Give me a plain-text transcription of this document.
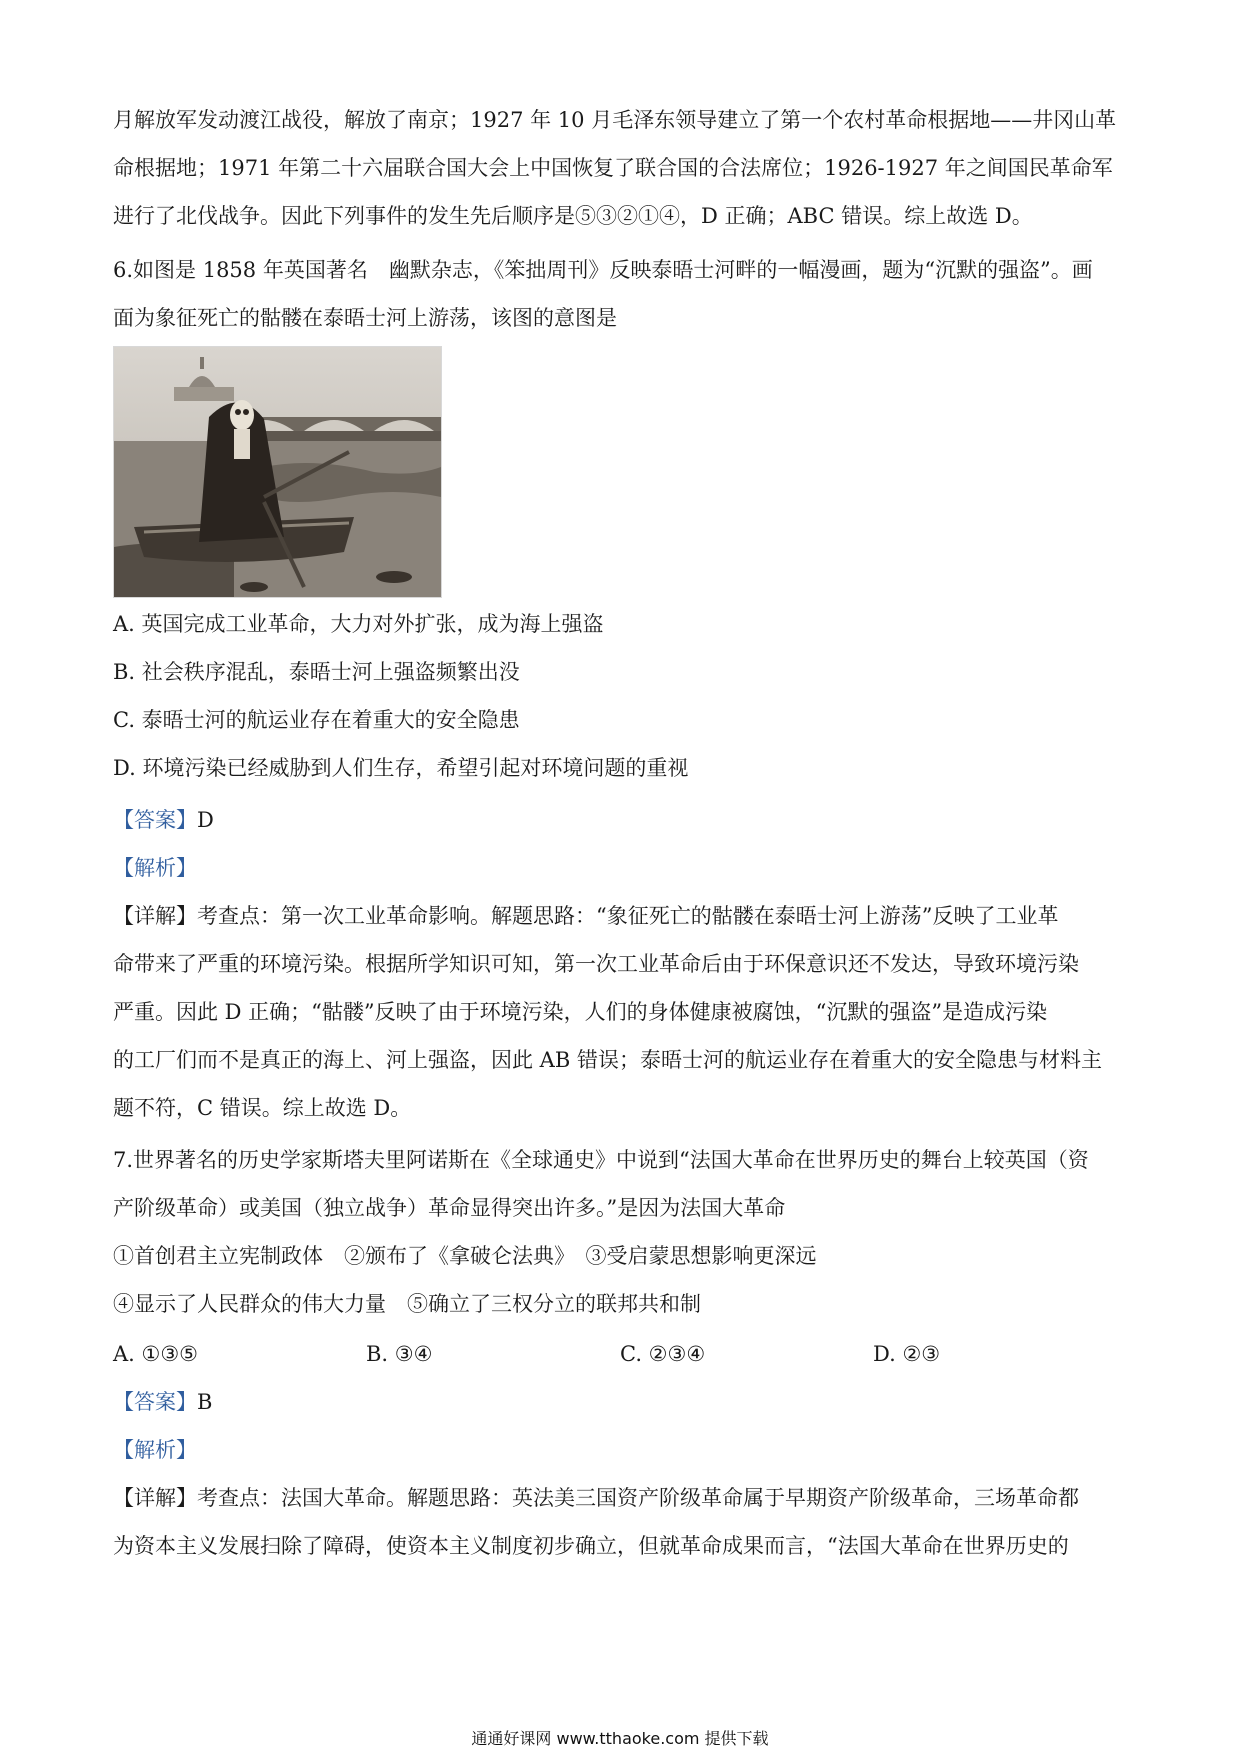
月解放军发动渡江战役，解放了南京；1927 年 10 月毛泽东领导建立了第一个农村革命根据地——井冈山革
命根据地；1971 年第二十六届联合国大会上中国恢复了联合国的合法席位；1926-1927 年之间国民革命军
进行了北伐战争。因此下列事件的发生先后顺序是⑤③②①④，D 正确；ABC 错误。综上故选 D。
6.如图是 1858 年英国著名　幽默杂志，《笨拙周刊》反映泰晤士河畔的一幅漫画，题为“沉默的强盗”。画
面为象征死亡的骷髅在泰晤士河上游荡，该图的意图是
A. 英国完成工业革命，大力对外扩张，成为海上强盗
B. 社会秩序混乱，泰晤士河上强盗频繁出没
C. 泰晤士河的航运业存在着重大的安全隐患
D. 环境污染已经威胁到人们生存，希望引起对环境问题的重视
【答案】D
【解析】
【详解】考查点：第一次工业革命影响。解题思路：“象征死亡的骷髅在泰晤士河上游荡”反映了工业革
命带来了严重的环境污染。根据所学知识可知，第一次工业革命后由于环保意识还不发达，导致环境污染
严重。因此 D 正确；“骷髅”反映了由于环境污染，人们的身体健康被腐蚀，“沉默的强盗”是造成污染
的工厂们而不是真正的海上、河上强盗，因此 AB 错误；泰晤士河的航运业存在着重大的安全隐患与材料主
题不符，C 错误。综上故选 D。
7.世界著名的历史学家斯塔夫里阿诺斯在《全球通史》中说到“法国大革命在世界历史的舞台上较英国（资
产阶级革命）或美国（独立战争）革命显得突出许多。”是因为法国大革命
①首创君主立宪制政体　②颁布了《拿破仑法典》　③受启蒙思想影响更深远
④显示了人民群众的伟大力量　⑤确立了三权分立的联邦共和制
A. ①③⑤	B. ③④	C. ②③④	D. ②③
【答案】B
【解析】
【详解】考查点：法国大革命。解题思路：英法美三国资产阶级革命属于早期资产阶级革命，三场革命都
为资本主义发展扫除了障碍，使资本主义制度初步确立，但就革命成果而言，“法国大革命在世界历史的
通通好课网 www.tthaoke.com 提供下载
